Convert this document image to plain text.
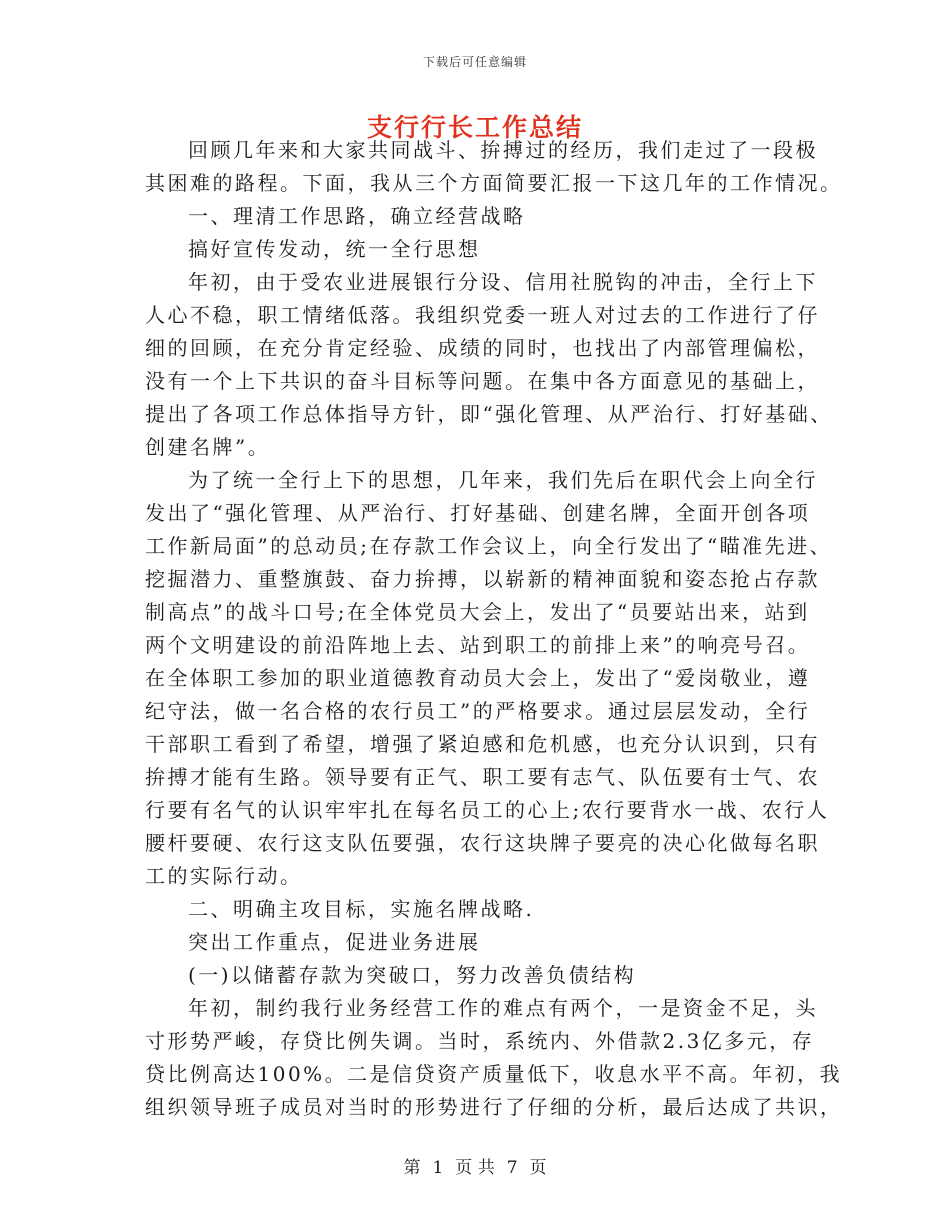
下载后可任意编辑
支行行长工作总结
回顾几年来和大家共同战斗、拚搏过的经历，我们走过了一段极
其困难的路程。下面，我从三个方面简要汇报一下这几年的工作情况。
一、理清工作思路，确立经营战略
搞好宣传发动，统一全行思想
年初，由于受农业进展银行分设、信用社脱钩的冲击，全行上下
人心不稳，职工情绪低落。我组织党委一班人对过去的工作进行了仔
细的回顾，在充分肯定经验、成绩的同时，也找出了内部管理偏松，
没有一个上下共识的奋斗目标等问题。在集中各方面意见的基础上，
提出了各项工作总体指导方针，即“强化管理、从严治行、打好基础、
创建名牌”。
为了统一全行上下的思想，几年来，我们先后在职代会上向全行
发出了“强化管理、从严治行、打好基础、创建名牌，全面开创各项
工作新局面”的总动员;在存款工作会议上，向全行发出了“瞄准先进、
挖掘潜力、重整旗鼓、奋力拚搏，以崭新的精神面貌和姿态抢占存款
制高点”的战斗口号;在全体党员大会上，发出了“员要站出来，站到
两个文明建设的前沿阵地上去、站到职工的前排上来”的响亮号召。
在全体职工参加的职业道德教育动员大会上，发出了“爱岗敬业，遵
纪守法，做一名合格的农行员工”的严格要求。通过层层发动，全行
干部职工看到了希望，增强了紧迫感和危机感，也充分认识到，只有
拚搏才能有生路。领导要有正气、职工要有志气、队伍要有士气、农
行要有名气的认识牢牢扎在每名员工的心上;农行要背水一战、农行人
腰杆要硬、农行这支队伍要强，农行这块牌子要亮的决心化做每名职
工的实际行动。
二、明确主攻目标，实施名牌战略.
突出工作重点，促进业务进展
(一)以储蓄存款为突破口，努力改善负债结构
年初，制约我行业务经营工作的难点有两个，一是资金不足，头
寸形势严峻，存贷比例失调。当时，系统内、外借款2.3亿多元，存
贷比例高达100%。二是信贷资产质量低下，收息水平不高。年初，我
组织领导班子成员对当时的形势进行了仔细的分析，最后达成了共识，
第 1 页 共 7 页
